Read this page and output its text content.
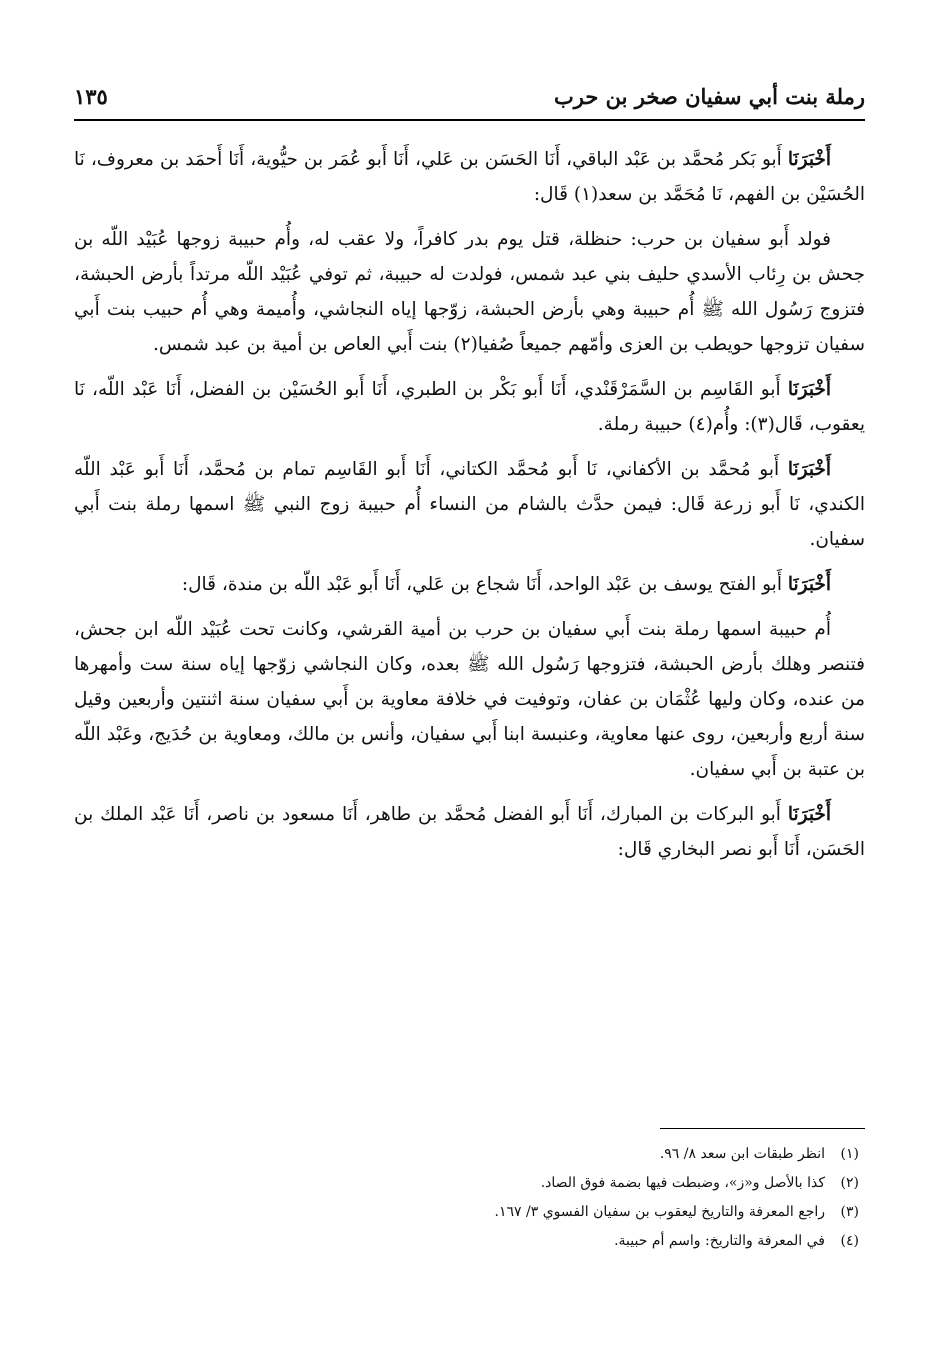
رملة بنت أبي سفيان صخر بن حرب
١٣٥

أَخْبَرَنَا أَبو بَكر مُحمَّد بن عَبْد الباقي، أَنَا الحَسَن بن عَلي، أَنَا أَبو عُمَر بن حيُّوية، أَنَا أَحمَد بن معروف، نَا الحُسَيْن بن الفهم، نَا مُحَمَّد بن سعد(١) قَال:

فولد أَبو سفيان بن حرب: حنظلة، قتل يوم بدر كافراً، ولا عقب له، وأُم حبيبة زوجها عُبَيْد اللّه بن جحش بن رِئاب الأسدي حليف بني عبد شمس، فولدت له حبيبة، ثم توفي عُبَيْد اللّه مرتداً بأرض الحبشة، فتزوج رَسُول الله ﷺ أُم حبيبة وهي بأرض الحبشة، زوّجها إياه النجاشي، وأُميمة وهي أُم حبيب بنت أَبي سفيان تزوجها حويطب بن العزى وأمّهم جميعاً صُفيا(٢) بنت أَبي العاص بن أمية بن عبد شمس.

أَخْبَرَنَا أَبو القَاسِم بن السَّمَرْقَنْدي، أَنَا أَبو بَكْر بن الطبري، أَنَا أَبو الحُسَيْن بن الفضل، أَنَا عَبْد اللّه، نَا يعقوب، قَال(٣): وأُم(٤) حبيبة رملة.

أَخْبَرَنَا أَبو مُحمَّد بن الأكفاني، نَا أَبو مُحمَّد الكتاني، أَنَا أَبو القَاسِم تمام بن مُحمَّد، أَنَا أَبو عَبْد اللّه الكندي، نَا أَبو زرعة قَال: فيمن حدَّث بالشام من النساء أُم حبيبة زوج النبي ﷺ اسمها رملة بنت أَبي سفيان.

أَخْبَرَنَا أَبو الفتح يوسف بن عَبْد الواحد، أَنَا شجاع بن عَلي، أَنَا أَبو عَبْد اللّه بن مندة، قَال:

أُم حبيبة اسمها رملة بنت أَبي سفيان بن حرب بن أمية القرشي، وكانت تحت عُبَيْد اللّه ابن جحش، فتنصر وهلك بأرض الحبشة، فتزوجها رَسُول الله ﷺ بعده، وكان النجاشي زوّجها إياه سنة ست وأمهرها من عنده، وكان وليها عُثْمَان بن عفان، وتوفيت في خلافة معاوية بن أَبي سفيان سنة اثنتين وأربعين وقيل سنة أربع وأربعين، روى عنها معاوية، وعنبسة ابنا أَبي سفيان، وأنس بن مالك، ومعاوية بن حُدَيج، وعَبْد اللّه بن عتبة بن أَبي سفيان.

أَخْبَرَنَا أَبو البركات بن المبارك، أَنَا أَبو الفضل مُحمَّد بن طاهر، أَنَا مسعود بن ناصر، أَنَا عَبْد الملك بن الحَسَن، أَنَا أَبو نصر البخاري قَال:

(١)انظر طبقات ابن سعد ٨/ ٩٦.

(٢)كذا بالأصل و«ز»، وضبطت فيها بضمة فوق الصاد.

(٣)راجع المعرفة والتاريخ ليعقوب بن سفيان الفسوي ٣/ ١٦٧.

(٤)في المعرفة والتاريخ: واسم أم حبيبة.
